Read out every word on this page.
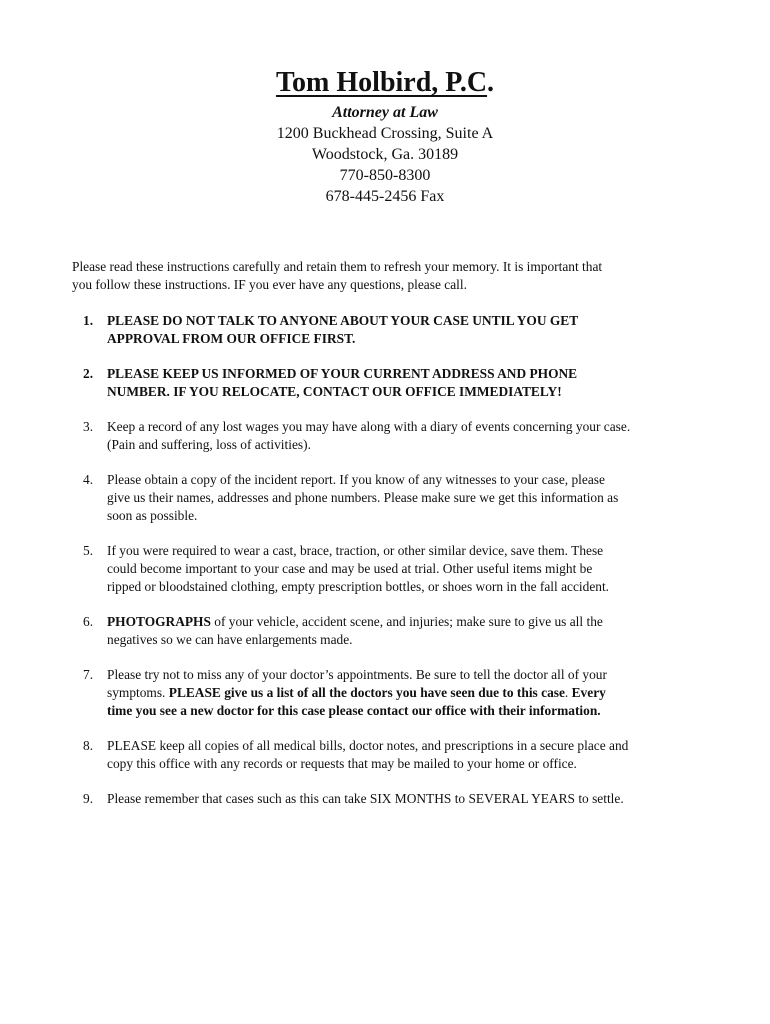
Tom Holbird, P.C.
Attorney at Law
1200 Buckhead Crossing, Suite A
Woodstock, Ga. 30189
770-850-8300
678-445-2456 Fax

Please read these instructions carefully and retain them to refresh your memory. It is important that
you follow these instructions. IF you ever have any questions, please call.

1. PLEASE DO NOT TALK TO ANYONE ABOUT YOUR CASE UNTIL YOU GET
APPROVAL FROM OUR OFFICE FIRST.
2. PLEASE KEEP US INFORMED OF YOUR CURRENT ADDRESS AND PHONE
NUMBER. IF YOU RELOCATE, CONTACT OUR OFFICE IMMEDIATELY!
3. Keep a record of any lost wages you may have along with a diary of events concerning your case.
(Pain and suffering, loss of activities).
4. Please obtain a copy of the incident report. If you know of any witnesses to your case, please
give us their names, addresses and phone numbers. Please make sure we get this information as
soon as possible.
5. If you were required to wear a cast, brace, traction, or other similar device, save them. These
could become important to your case and may be used at trial. Other useful items might be
ripped or bloodstained clothing, empty prescription bottles, or shoes worn in the fall accident.
6. PHOTOGRAPHS of your vehicle, accident scene, and injuries; make sure to give us all the
negatives so we can have enlargements made.
7. Please try not to miss any of your doctor’s appointments. Be sure to tell the doctor all of your
symptoms. PLEASE give us a list of all the doctors you have seen due to this case. Every
time you see a new doctor for this case please contact our office with their information.
8. PLEASE keep all copies of all medical bills, doctor notes, and prescriptions in a secure place and
copy this office with any records or requests that may be mailed to your home or office.
9. Please remember that cases such as this can take SIX MONTHS to SEVERAL YEARS to settle.
